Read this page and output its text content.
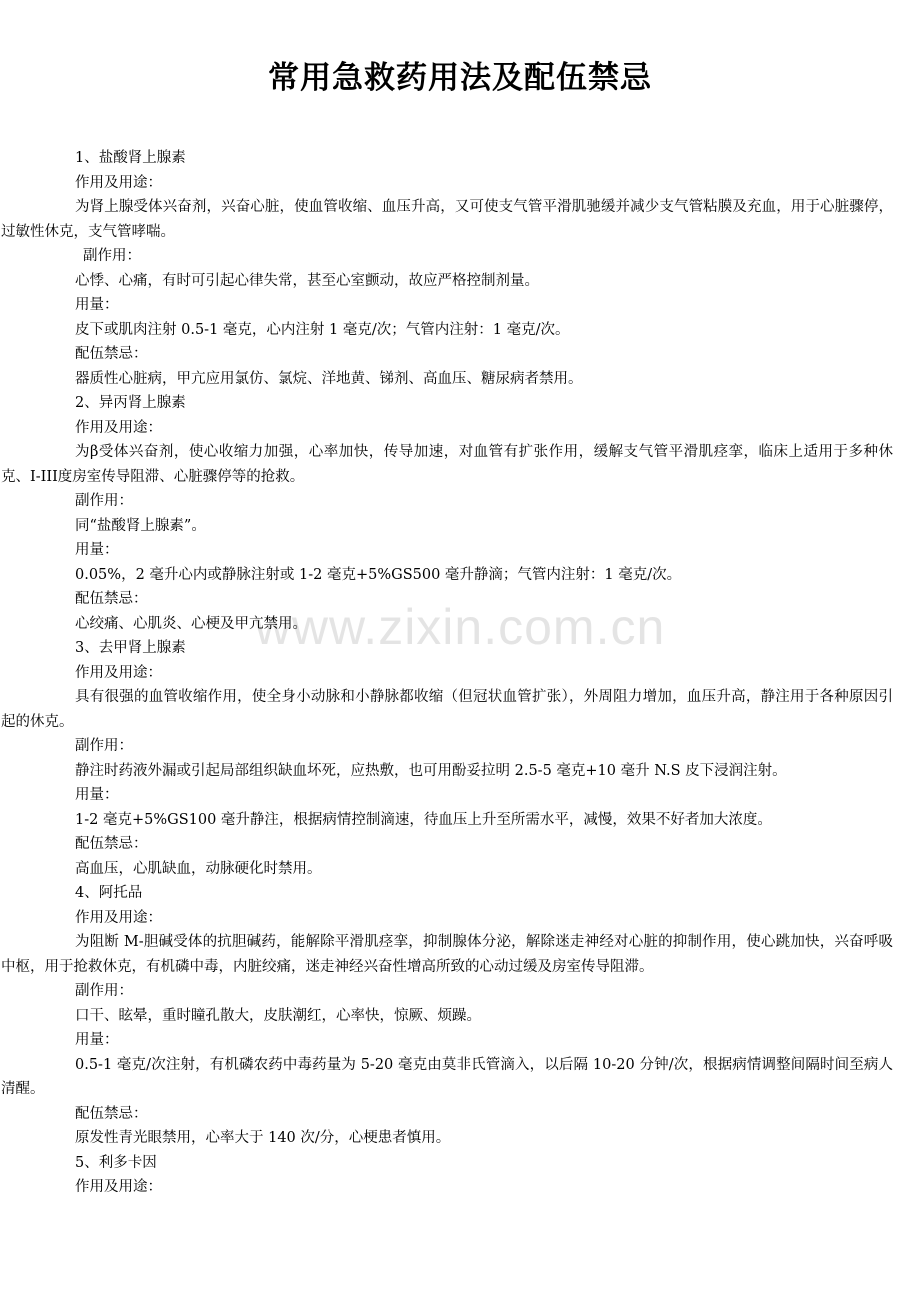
常用急救药用法及配伍禁忌
www.zixin.com.cn

1、盐酸肾上腺素

作用及用途：

为肾上腺受体兴奋剂，兴奋心脏，使血管收缩、血压升高，又可使支气管平滑肌驰缓并减少支气管粘膜及充血，用于心脏骤停，过敏性休克，支气管哮喘。

副作用：

心悸、心痛，有时可引起心律失常，甚至心室颤动，故应严格控制剂量。

用量：

皮下或肌肉注射 0.5-1 毫克，心内注射 1 毫克/次；气管内注射：1 毫克/次。

配伍禁忌：

器质性心脏病，甲亢应用氯仿、氯烷、洋地黄、锑剂、高血压、糖尿病者禁用。

2、异丙肾上腺素

作用及用途：

为β受体兴奋剂，使心收缩力加强，心率加快，传导加速，对血管有扩张作用，缓解支气管平滑肌痉挛，临床上适用于多种休克、Ⅰ-III度房室传导阻滞、心脏骤停等的抢救。

副作用：

同“盐酸肾上腺素”。

用量：

0.05%，2 毫升心内或静脉注射或 1-2 毫克+5%GS500 毫升静滴；气管内注射：1 毫克/次。

配伍禁忌：

心绞痛、心肌炎、心梗及甲亢禁用。

3、去甲肾上腺素

作用及用途：

具有很强的血管收缩作用，使全身小动脉和小静脉都收缩（但冠状血管扩张），外周阻力增加，血压升高，静注用于各种原因引起的休克。

副作用：

静注时药液外漏或引起局部组织缺血坏死，应热敷，也可用酚妥拉明 2.5-5 毫克+10 毫升 N.S 皮下浸润注射。

用量：

1-2 毫克+5%GS100 毫升静注，根据病情控制滴速，待血压上升至所需水平，减慢，效果不好者加大浓度。

配伍禁忌：

高血压，心肌缺血，动脉硬化时禁用。

4、阿托品

作用及用途：

为阻断 M-胆碱受体的抗胆碱药，能解除平滑肌痉挛，抑制腺体分泌，解除迷走神经对心脏的抑制作用，使心跳加快，兴奋呼吸中枢，用于抢救休克，有机磷中毒，内脏绞痛，迷走神经兴奋性增高所致的心动过缓及房室传导阻滞。

副作用：

口干、眩晕，重时瞳孔散大，皮肤潮红，心率快，惊厥、烦躁。

用量：

0.5-1 毫克/次注射，有机磷农药中毒药量为 5-20 毫克由莫非氏管滴入，以后隔 10-20 分钟/次，根据病情调整间隔时间至病人清醒。

配伍禁忌：

原发性青光眼禁用，心率大于 140 次/分，心梗患者慎用。

5、利多卡因

作用及用途：
